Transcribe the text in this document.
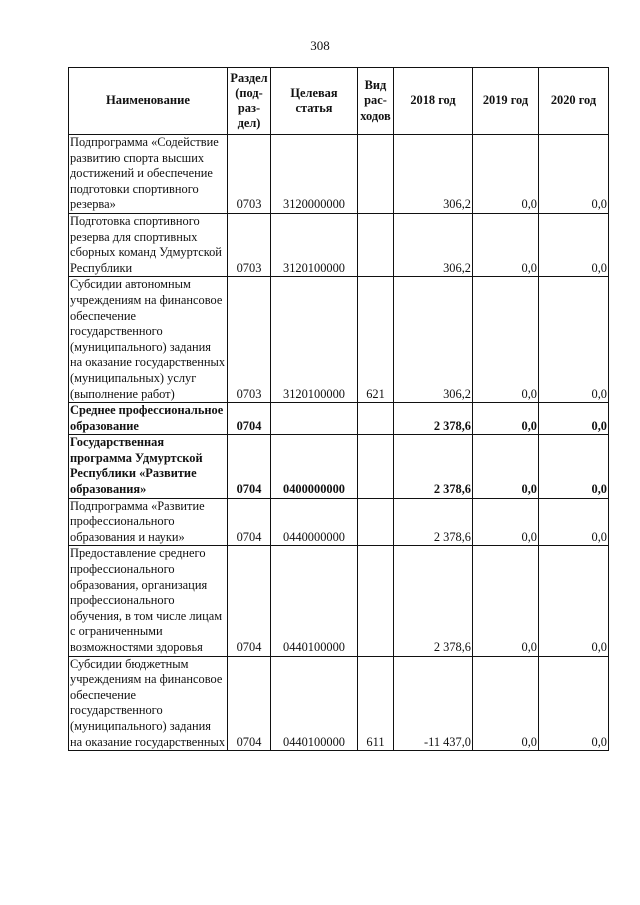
308
Наименование	Раздел (под- раз- дел)	Целевая статья	Вид рас- ходов	2018 год	2019 год	2020 год
Подпрограмма «Содействие развитию спорта высших достижений и обеспечение подготовки спортивного резерва»	0703	3120000000		306,2	0,0	0,0
Подготовка спортивного резерва для спортивных сборных команд Удмуртской Республики	0703	3120100000		306,2	0,0	0,0
Субсидии автономным учреждениям на финансовое обеспечение государственного (муниципального) задания на оказание государственных (муниципальных) услуг (выполнение работ)	0703	3120100000	621	306,2	0,0	0,0
Среднее профессиональное образование	0704			2 378,6	0,0	0,0
Государственная программа Удмуртской Республики «Развитие образования»	0704	0400000000		2 378,6	0,0	0,0
Подпрограмма «Развитие профессионального образования и науки»	0704	0440000000		2 378,6	0,0	0,0
Предоставление среднего профессионального образования, организация профессионального обучения, в том числе лицам с ограниченными возможностями здоровья	0704	0440100000		2 378,6	0,0	0,0
Субсидии бюджетным учреждениям на финансовое обеспечение государственного (муниципального) задания на оказание государственных	0704	0440100000	611	-11 437,0	0,0	0,0
